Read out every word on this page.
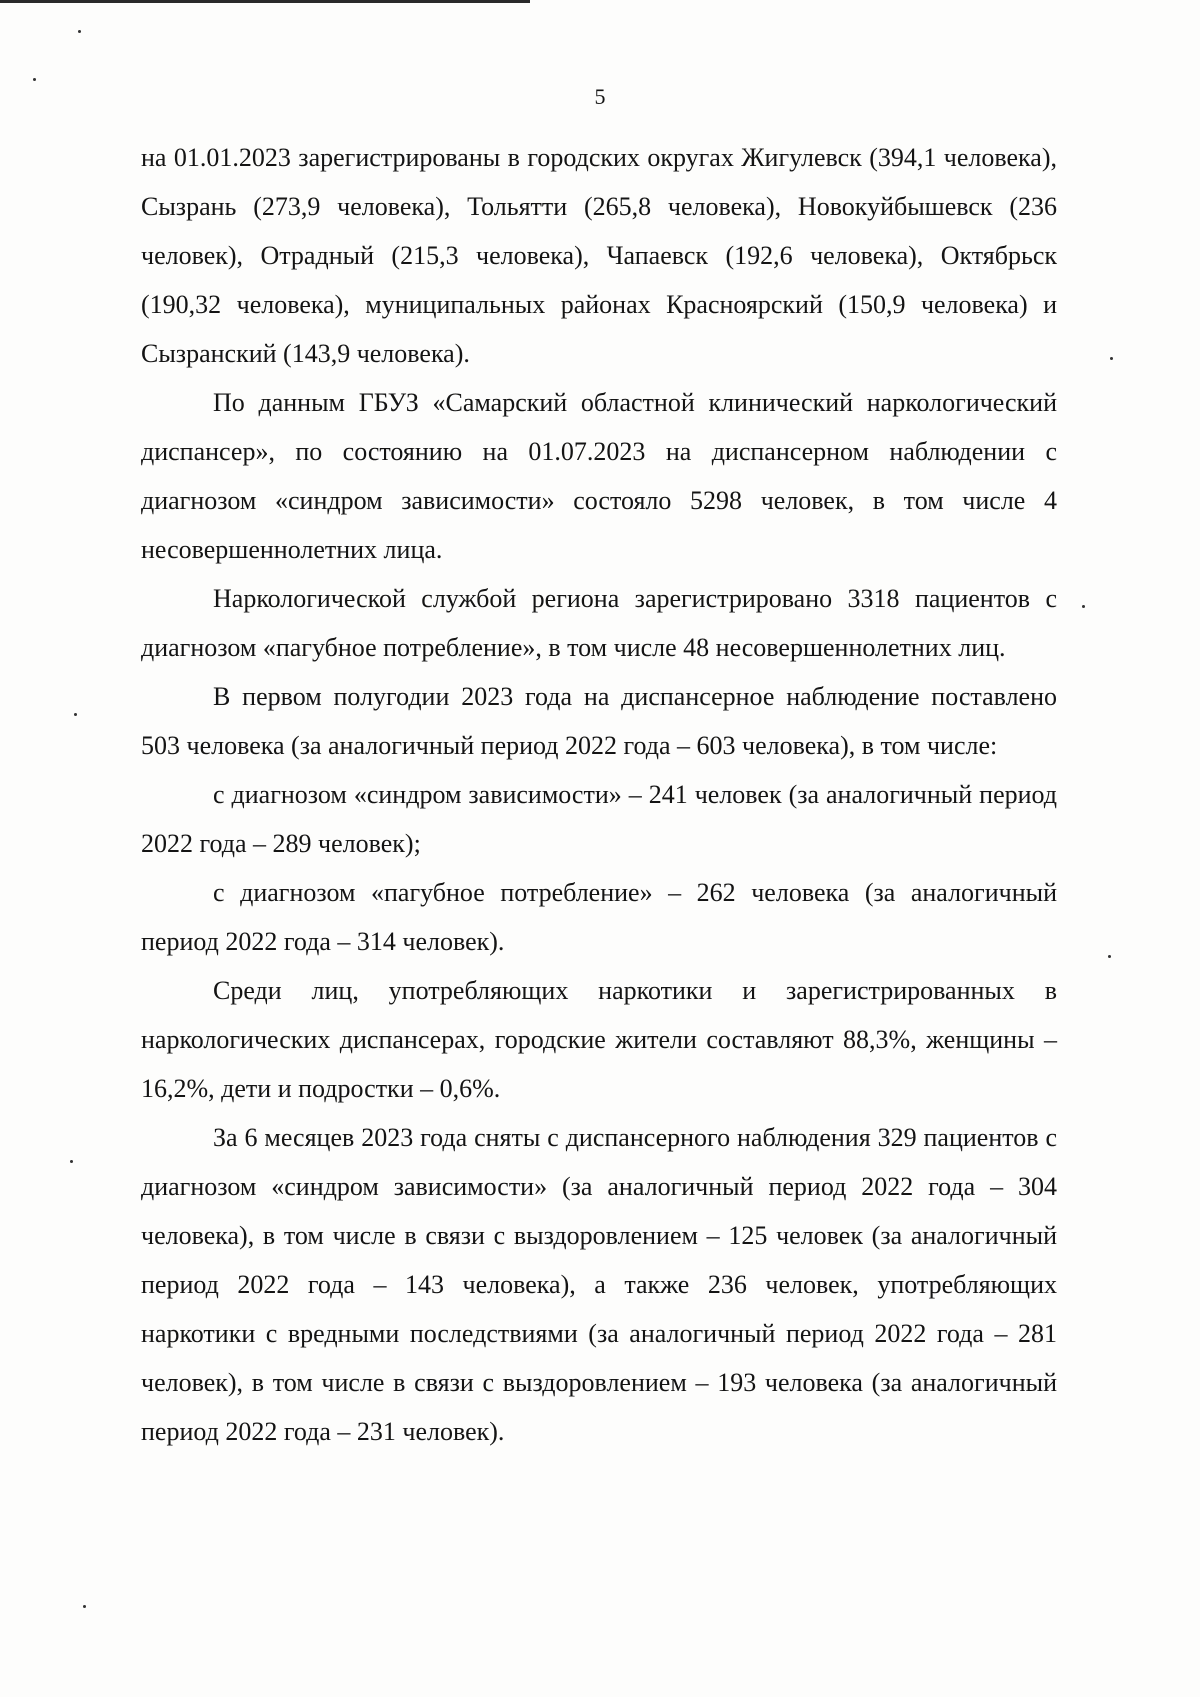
5

на 01.01.2023 зарегистрированы в городских округах Жигулевск (394,1 человека), Сызрань (273,9 человека), Тольятти (265,8 человека), Новокуйбышевск (236 человек), Отрадный (215,3 человека), Чапаевск (192,6 человека), Октябрьск (190,32 человека), муниципальных районах Красноярский (150,9 человека) и Сызранский (143,9 человека).

По данным ГБУЗ «Самарский областной клинический наркологический диспансер», по состоянию на 01.07.2023 на диспансерном наблюдении с диагнозом «синдром зависимости» состояло 5298 человек, в том числе 4 несовершеннолетних лица.

Наркологической службой региона зарегистрировано 3318 пациентов с диагнозом «пагубное потребление», в том числе 48 несовершеннолетних лиц.

В первом полугодии 2023 года на диспансерное наблюдение поставлено 503 человека (за аналогичный период 2022 года – 603 человека), в том числе:

с диагнозом «синдром зависимости» – 241 человек (за аналогичный период 2022 года – 289 человек);

с диагнозом «пагубное потребление» – 262 человека (за аналогичный период 2022 года – 314 человек).

Среди лиц, употребляющих наркотики и зарегистрированных в наркологических диспансерах, городские жители составляют 88,3%, женщины – 16,2%, дети и подростки – 0,6%.

За 6 месяцев 2023 года сняты с диспансерного наблюдения 329 пациентов с диагнозом «синдром зависимости» (за аналогичный период 2022 года – 304 человека), в том числе в связи с выздоровлением – 125 человек (за аналогичный период 2022 года – 143 человека), а также 236 человек, употребляющих наркотики с вредными последствиями (за аналогичный период 2022 года – 281 человек), в том числе в связи с выздоровлением – 193 человека (за аналогичный период 2022 года – 231 человек).
